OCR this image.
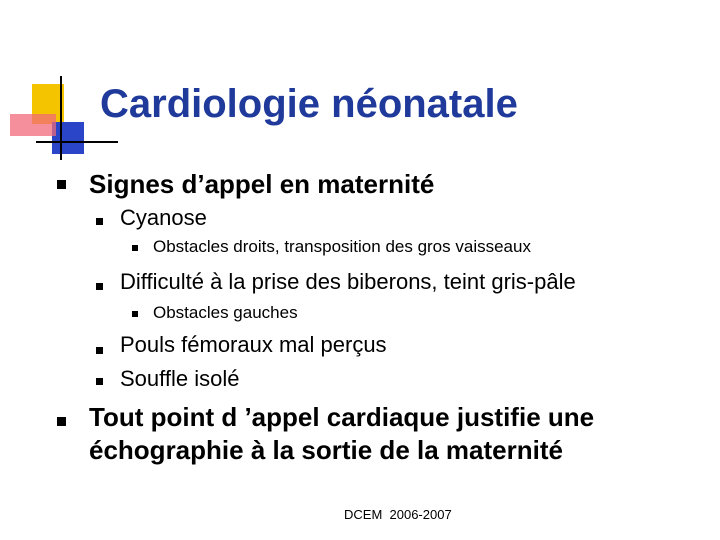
Cardiologie néonatale
Signes d’appel en maternité
Cyanose
Obstacles droits, transposition des gros vaisseaux
Difficulté à la prise des biberons, teint gris-pâle
Obstacles gauches
Pouls fémoraux mal perçus
Souffle isolé
Tout point d ’appel cardiaque justifie une
échographie à la sortie de la maternité
DCEM  2006-2007
